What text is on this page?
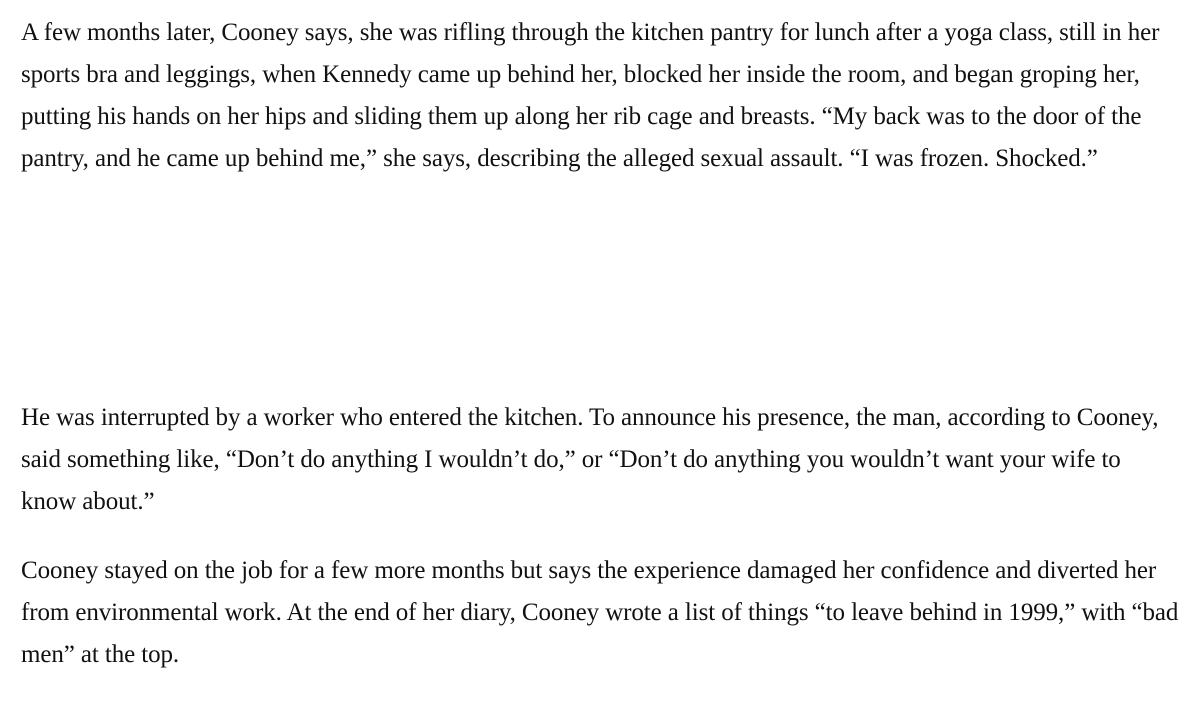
A few months later, Cooney says, she was rifling through the kitchen pantry for lunch after a yoga class, still in her sports bra and leggings, when Kennedy came up behind her, blocked her inside the room, and began groping her, putting his hands on her hips and sliding them up along her rib cage and breasts. “My back was to the door of the pantry, and he came up behind me,” she says, describing the alleged sexual assault. “I was frozen. Shocked.”

He was interrupted by a worker who entered the kitchen. To announce his presence, the man, according to Cooney, said something like, “Don’t do anything I wouldn’t do,” or “Don’t do anything you wouldn’t want your wife to know about.”

Cooney stayed on the job for a few more months but says the experience damaged her confidence and diverted her from environmental work. At the end of her diary, Cooney wrote a list of things “to leave behind in 1999,” with “bad men” at the top.
